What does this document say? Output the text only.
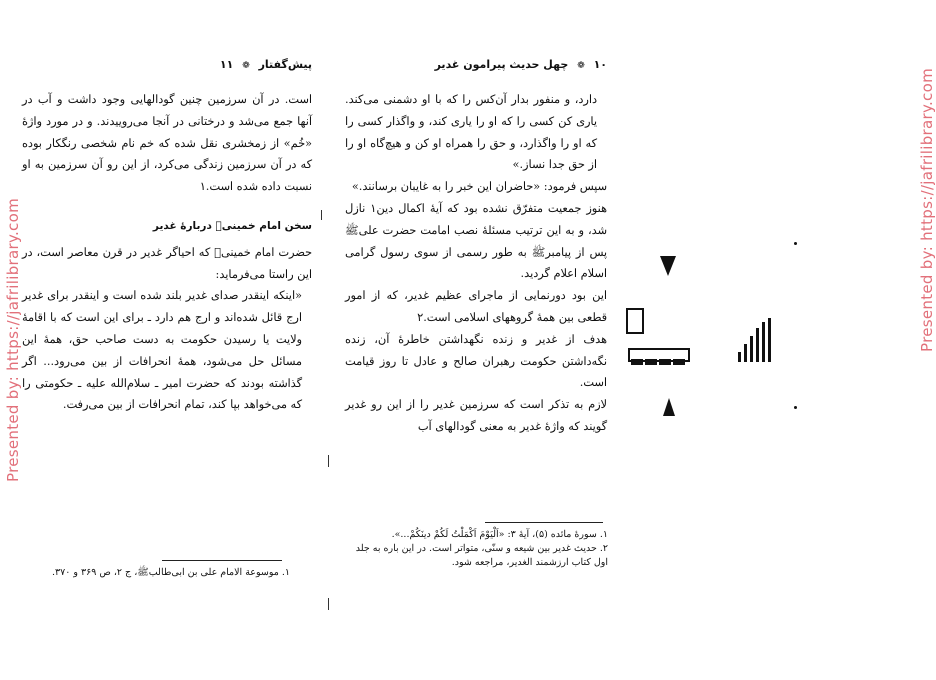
Presented by: https://jafrilibrary.com	Presented by: https://jafrilibrary.com
پیش‌گفتار ❁ ۱۱

است. در آن سرزمین چنین گودالهایی وجود داشت و آب در آنها جمع می‌شد و درختانی در آنجا می‌روییدند. و در مورد واژهٔ «خُم» از زمخشری نقل شده که خم نام شخصی رنگکار بوده که در آن سرزمین زندگی می‌کرد، از این رو آن سرزمین به او نسبت داده شده است.۱

سخن امام خمینی﷫ دربارهٔ غدیر

حضرت امام خمینی﷫ که احیاگر غدیر در قرن معاصر است، در این راستا می‌فرماید:

«اینکه اینقدر صدای غدیر بلند شده است و اینقدر برای غدیر ارج قائل شده‌اند و ارج هم دارد ـ برای این است که با اقامهٔ ولایت یا رسیدن حکومت به دست صاحب حق، همهٔ این مسائل حل می‌شود، همهٔ انحرافات از بین می‌رود... اگر گذاشته بودند که حضرت امیر ـ سلام‌الله علیه ـ حکومتی را که می‌خواهد بپا کند، تمام انحرافات از بین می‌رفت.

۱. موسوعة الامام علی بن ابی‌طالبﷺ، ج ۲، ص ۳۶۹ و ۳۷۰.
۱۰ ❁ چهل حدیث پیرامون غدیر

دارد، و منفور بدار آن‌کس را که با او دشمنی می‌کند. یاری کن کسی را که او را یاری کند، و واگذار کسی را که او را واگذارد، و حق را همراه او کن و هیچ‌گاه او را از حق جدا نساز.»

سپس فرمود: «حاضران این خبر را به غایبان برسانند.»

هنوز جمعیت متفرّق نشده بود که آیهٔ اکمال دین۱ نازل شد، و به این ترتیب مسئلهٔ نصب امامت حضرت علیﷺ پس از پیامبرﷺ به طور رسمی از سوی رسول گرامی اسلام اعلام گردید.

این بود دورنمایی از ماجرای عظیم غدیر، که از امور قطعی بین همهٔ گروههای اسلامی است.۲

هدف از غدیر و زنده نگهداشتن خاطرهٔ آن، زنده نگه‌داشتن حکومت رهبران صالح و عادل تا روز قیامت است.

لازم به تذکر است که سرزمین غدیر را از این رو غدیر گویند که واژهٔ غدیر به معنی گودالهای آب

۱. سورهٔ مائده (۵)، آیهٔ ۳: «اَلْیَوْمَ اَکْمَلْتُ لَکُمْ دینَکُمْ...».
۲. حدیث غدیر بین شیعه و سنّی، متواتر است. در این باره به جلد اول کتاب ارزشمند الغدیر، مراجعه شود.
